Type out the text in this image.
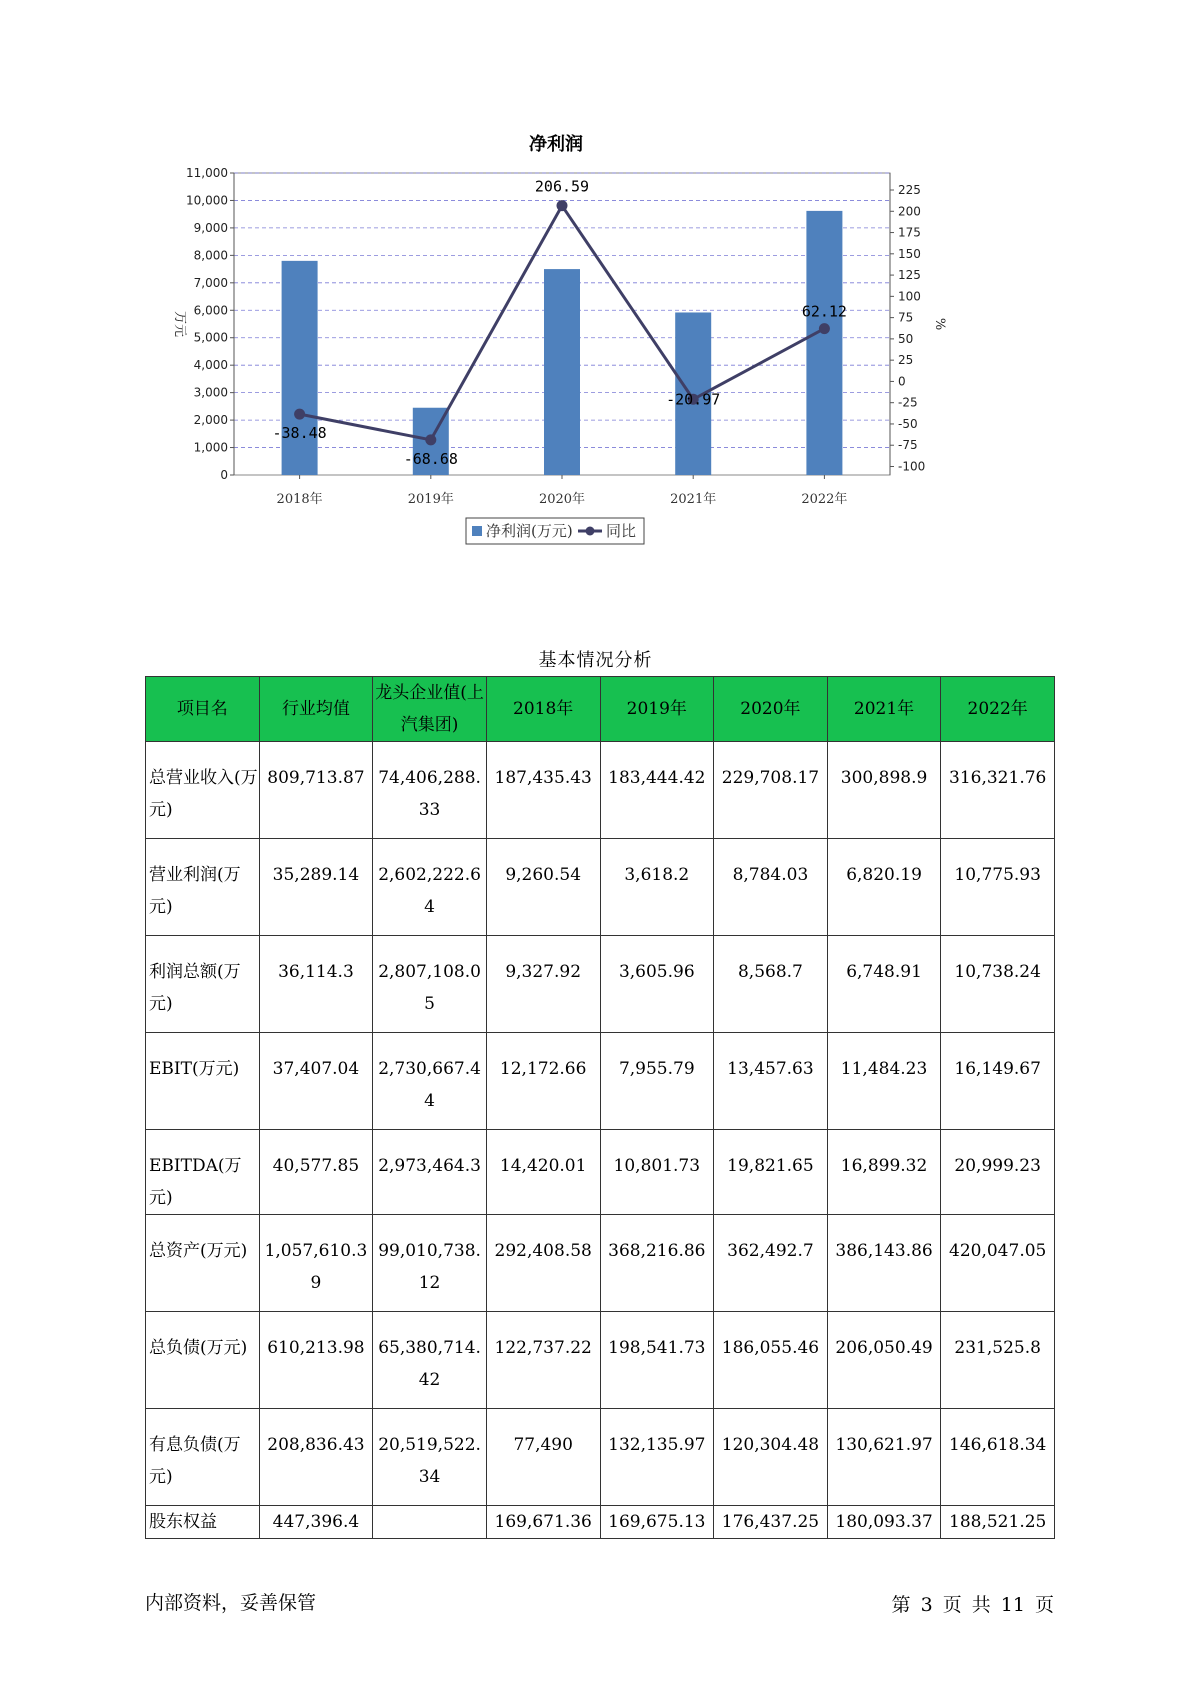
净利润
0
1,000
2,000
3,000
4,000
5,000
6,000
7,000
8,000
9,000
10,000
11,000
-100
-75
-50
-25
0
25
50
75
100
125
150
175
200
225
2018年	2019年	2020年	2021年	2022年
-38.48
-68.68
206.59
-20.97
62.12
万元	%
净利润(万元) 同比
基本情况分析
项目名	行业均值	龙头企业值(上汽集团)	2018年	2019年	2020年	2021年	2022年
总营业收入(万元)	809,713.87	74,406,288.33	187,435.43	183,444.42	229,708.17	300,898.9	316,321.76
营业利润(万元)	35,289.14	2,602,222.64	9,260.54	3,618.2	8,784.03	6,820.19	10,775.93
利润总额(万元)	36,114.3	2,807,108.05	9,327.92	3,605.96	8,568.7	6,748.91	10,738.24
EBIT(万元)	37,407.04	2,730,667.44	12,172.66	7,955.79	13,457.63	11,484.23	16,149.67
EBITDA(万元)	40,577.85	2,973,464.3	14,420.01	10,801.73	19,821.65	16,899.32	20,999.23
总资产(万元)	1,057,610.39	99,010,738.12	292,408.58	368,216.86	362,492.7	386,143.86	420,047.05
总负债(万元)	610,213.98	65,380,714.42	122,737.22	198,541.73	186,055.46	206,050.49	231,525.8
有息负债(万元)	208,836.43	20,519,522.34	77,490	132,135.97	120,304.48	130,621.97	146,618.34
股东权益	447,396.4		169,671.36	169,675.13	176,437.25	180,093.37	188,521.25
内部资料，妥善保管	第 3 页 共 11 页
